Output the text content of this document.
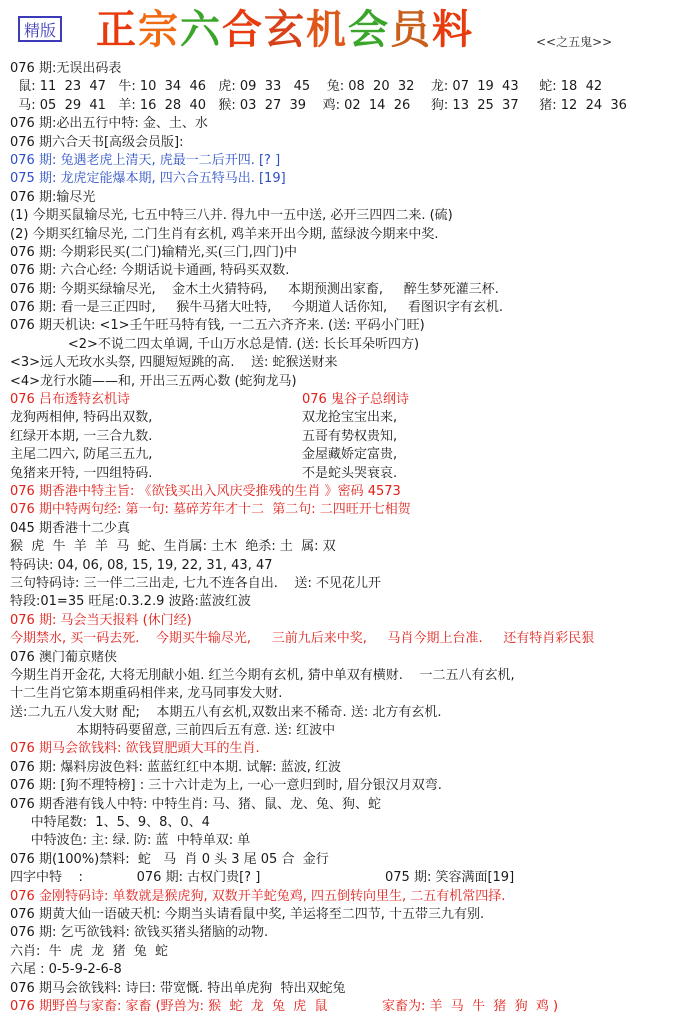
精版 正宗六合玄机会员料	<<之五鬼>>
076 期:无误出码表
鼠: 11  23  47   牛: 10  34  46   虎: 09  33   45    兔: 08  20  32    龙: 07  19  43     蛇: 18  42
马: 05  29  41   羊: 16  28  40   猴: 03  27  39    鸡: 02  14  26     狗: 13  25  37     猪: 12  24  36
076 期:必出五行中特: 金、土、水
076 期六合天书[高级会员版]:
076 期: 兔遇老虎上清天, 虎最一二后开四. [? ]
075 期: 龙虎定能爆本期, 四六合五特马出. [19]
076 期:输尽光
(1) 今期买鼠输尽光, 七五中特三八并. 得九中一五中送, 必开三四四二来. (硫)
(2) 今期买红输尽光, 二门生肖有玄机, 鸡羊来开出今期, 蓝绿波今期来中奖.
076 期: 今期彩民买(二门)输精光,买(三门,四门)中
076 期: 六合心经: 今期话说卡通画, 特码买双数.
076 期: 今期买绿输尽光,    金木土火猜特码,     本期预测出家畜,     醉生梦死灌三杯.
076 期: 看一是三正四时,     猴牛马猪大吐特,     今期道人话你知,     看图识字有玄机.
076 期天机诀: <1>壬午旺马特有钱, 一二五六齐齐来. (送: 平码小门旺)
<2>不说二四太单调, 千山万水总是情. (送: 长长耳朵听四方)
<3>远人无玫水头祭, 四腿短短跳的高.    送: 蛇猴送财来
<4>龙行水随——和, 开出三五两心数 (蛇狗龙马)
076 吕布透特玄机诗	076 鬼谷子总纲诗
龙狗两相伸, 特码出双数,	双龙抢宝宝出来,
红绿开本期, 一三合九数.	五哥有势权贵知,
主尾二四六, 防尾三五九,	金屋藏娇定富贵,
兔猪来开特, 一四组特码.	不是蛇头哭衰哀.
076 期香港中特主旨: 《欲钱买出入风庆受推残的生肖 》密码 4573
076 期中特两句经: 第一句: 墓碎芳年才十二  第二句: 二四旺开七相贺
045 期香港十二少真
猴  虎  牛  羊  羊  马  蛇、生肖属: 土木  绝杀: 土  属: 双
特码诀: 04, 06, 08, 15, 19, 22, 31, 43, 47
三句特码诗: 三一伴二三出走, 七九不连各自出.    送: 不见花儿开
特段:01=35 旺尾:0.3.2.9 波路:蓝波红波
076 期: 马会当天报料 (休门经)
今期禁水, 买一码去死.    今期买牛输尽光,     三前九后来中奖,     马肖今期上台准.     还有特肖彩民狠
076 澳门葡京赌侠
今期生肖开金花, 大将无刖献小姐. 红兰今期有玄机, 猜中单双有横财.    一二五八有玄机,
十二生肖它第本期重码相伴来, 龙马同事发大财.
送:二九五八发大财 配;    本期五八有玄机,双数出来不稀奇. 送: 北方有玄机.
本期特码要留意, 三前四后五有意. 送: 红波中
076 期马会欲钱料: 欲钱買肥頭大耳的生肖.
076 期: 爆料房波色料: 蓝蓝红红中本期. 试解: 蓝波, 红波
076 期: [狗不理特榜] : 三十六计走为上, 一心一意归到时, 眉分银汉月双弯.
076 期香港有钱人中特: 中特生肖: 马、猪、鼠、龙、兔、狗、蛇
中特尾数:  1、5、9、8、0、4
中特波色: 主: 绿. 防: 蓝  中特单双: 单
076 期(100%)禁料:  蛇   马  肖 0 头 3 尾 05 合  金行
四字中特    :             076 期: 古权门贵[? ]	075 期: 笑容满面[19]
076 金刚特码诗: 单数就是猴虎狗, 双数开羊蛇兔鸡, 四五倒转向里生, 二五有机常四择.
076 期黄大仙一语破天机: 今期当头请看鼠中奖, 羊运将至二四节, 十五带三九有别.
076 期: 乞丐欲钱料: 欲钱买猪头猪脑的动物.
六肖:  牛  虎  龙  猪  兔  蛇
六尾 : 0-5-9-2-6-8
076 期马会欲钱料: 诗曰: 带宽慨. 特出单虎狗  特出双蛇兔
076 期野兽与家畜: 家畜 (野兽为: 猴  蛇  龙  兔  虎  鼠	家畜为: 羊  马  牛  猪  狗  鸡 )
